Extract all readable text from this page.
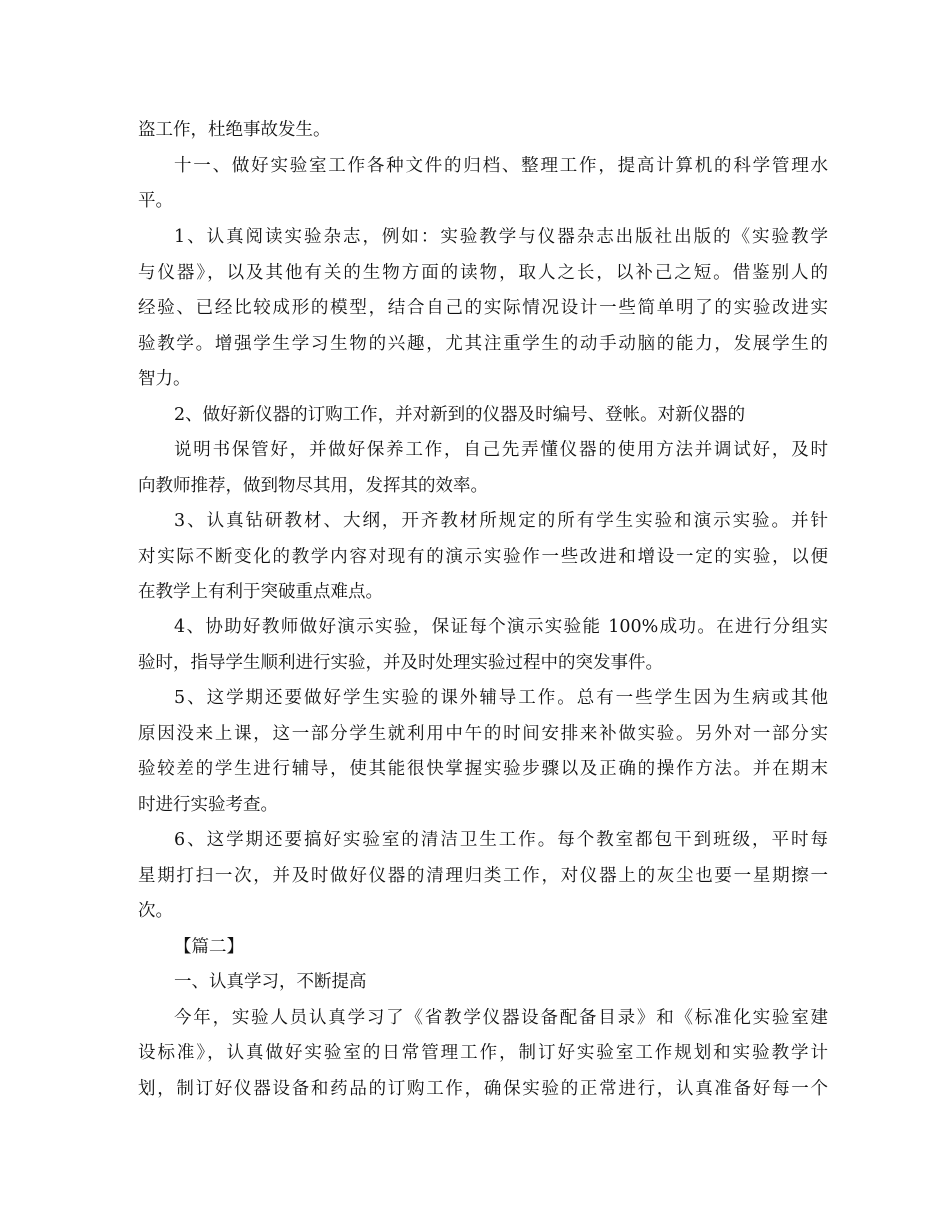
盗工作，杜绝事故发生。
十一、做好实验室工作各种文件的归档、整理工作，提高计算机的科学管理水
平。
1、认真阅读实验杂志，例如：实验教学与仪器杂志出版社出版的《实验教学
与仪器》，以及其他有关的生物方面的读物，取人之长，以补己之短。借鉴别人的
经验、已经比较成形的模型，结合自己的实际情况设计一些简单明了的实验改进实
验教学。增强学生学习生物的兴趣，尤其注重学生的动手动脑的能力，发展学生的
智力。
2、做好新仪器的订购工作，并对新到的仪器及时编号、登帐。对新仪器的
说明书保管好，并做好保养工作，自己先弄懂仪器的使用方法并调试好，及时
向教师推荐，做到物尽其用，发挥其的效率。
3、认真钻研教材、大纲，开齐教材所规定的所有学生实验和演示实验。并针
对实际不断变化的教学内容对现有的演示实验作一些改进和增设一定的实验，以便
在教学上有利于突破重点难点。
4、协助好教师做好演示实验，保证每个演示实验能 100%成功。在进行分组实
验时，指导学生顺利进行实验，并及时处理实验过程中的突发事件。
5、这学期还要做好学生实验的课外辅导工作。总有一些学生因为生病或其他
原因没来上课，这一部分学生就利用中午的时间安排来补做实验。另外对一部分实
验较差的学生进行辅导，使其能很快掌握实验步骤以及正确的操作方法。并在期末
时进行实验考查。
6、这学期还要搞好实验室的清洁卫生工作。每个教室都包干到班级，平时每
星期打扫一次，并及时做好仪器的清理归类工作，对仪器上的灰尘也要一星期擦一
次。
【篇二】
一、认真学习，不断提高
今年，实验人员认真学习了《省教学仪器设备配备目录》和《标准化实验室建
设标准》，认真做好实验室的日常管理工作，制订好实验室工作规划和实验教学计
划，制订好仪器设备和药品的订购工作，确保实验的正常进行，认真准备好每一个
